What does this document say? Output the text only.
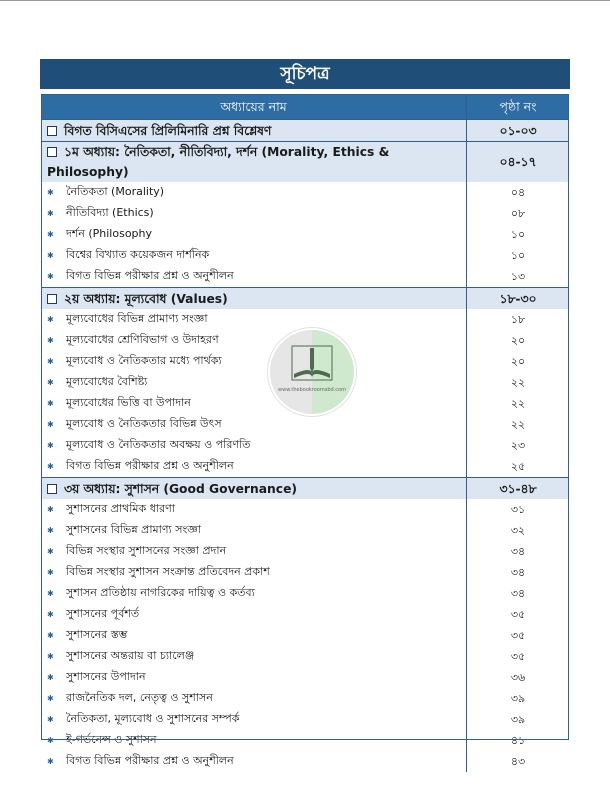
সূচিপত্র
অধ্যায়ের নাম	পৃষ্ঠা নং
বিগত বিসিএসের প্রিলিমিনারি প্রশ্ন বিশ্লেষণ	০১-০৩
১ম অধ্যায়: নৈতিকতা, নীতিবিদ্যা, দর্শন (Morality, Ethics & Philosophy)	০৪-১৭
✱ নৈতিকতা (Morality)	০৪
✱ নীতিবিদ্যা (Ethics)	০৮
✱ দর্শন (Philosophy	১০
✱ বিশ্বের বিখ্যাত কয়েকজন দার্শনিক	১০
✱ বিগত বিভিন্ন পরীক্ষার প্রশ্ন ও অনুশীলন	১৩
২য় অধ্যায়: মূল্যবোধ (Values)	১৮-৩০
✱ মূল্যবোধের বিভিন্ন প্রামাণ্য সংজ্ঞা	১৮
✱ মূল্যবোধের শ্রেণিবিভাগ ও উদাহরণ	২০
✱ মূল্যবোধ ও নৈতিকতার মধ্যে পার্থক্য	২০
✱ মূল্যবোধের বৈশিষ্ট্য	২২
✱ মূল্যবোধের ভিত্তি বা উপাদান	২২
✱ মূল্যবোধ ও নৈতিকতার বিভিন্ন উৎস	২২
✱ মূল্যবোধ ও নৈতিকতার অবক্ষয় ও পরিণতি	২৩
✱ বিগত বিভিন্ন পরীক্ষার প্রশ্ন ও অনুশীলন	২৫
৩য় অধ্যায়: সুশাসন (Good Governance)	৩১-৪৮
✱ সুশাসনের প্রাথমিক ধারণা	৩১
✱ সুশাসনের বিভিন্ন প্রামাণ্য সংজ্ঞা	৩২
✱ বিভিন্ন সংস্থার সুশাসনের সংজ্ঞা প্রদান	৩৪
✱ বিভিন্ন সংস্থার সুশাসন সংক্রান্ত প্রতিবেদন প্রকাশ	৩৪
✱ সুশাসন প্রতিষ্ঠায় নাগরিকের দায়িত্ব ও কর্তব্য	৩৪
✱ সুশাসনের পূর্বশর্ত	৩৫
✱ সুশাসনের স্তম্ভ	৩৫
✱ সুশাসনের অন্তরায় বা চ্যালেঞ্জ	৩৫
✱ সুশাসনের উপাদান	৩৬
✱ রাজনৈতিক দল, নেতৃত্ব ও সুশাসন	৩৯
✱ নৈতিকতা, মূল্যবোধ ও সুশাসনের সম্পর্ক	৩৯
✱ ই-গর্ভনেন্স ও সুশাসন	৪১
✱ বিগত বিভিন্ন পরীক্ষার প্রশ্ন ও অনুশীলন	৪৩
www.thebookroomsbd.com
